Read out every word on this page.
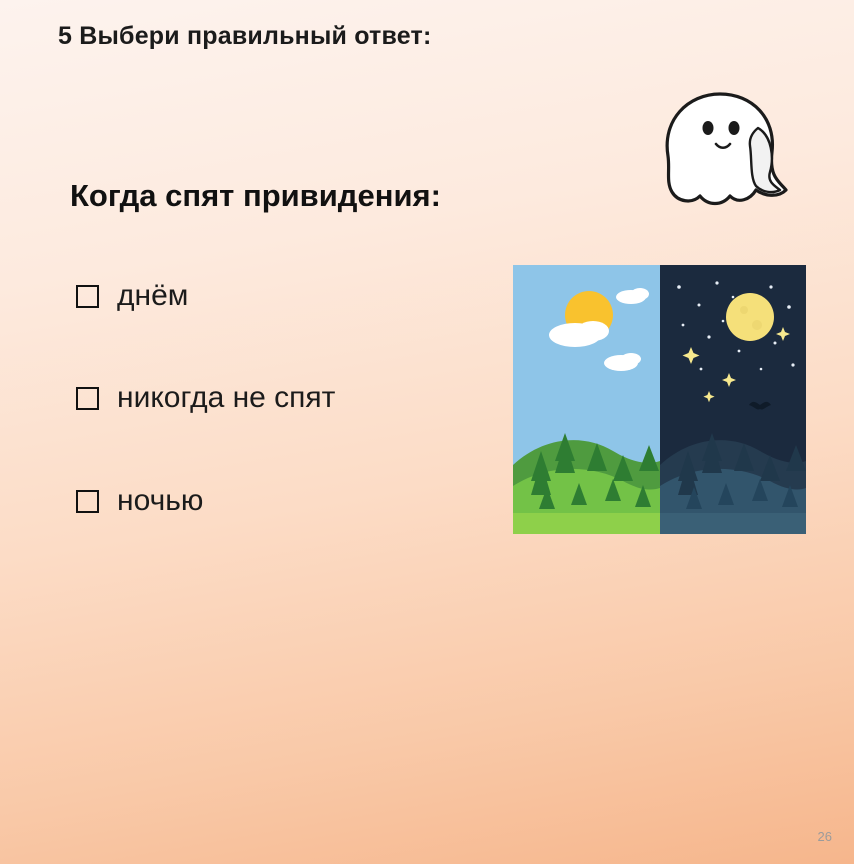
5 Выбери правильный ответ:
Когда спят привидения:
днём
никогда не спят
ночью
26
